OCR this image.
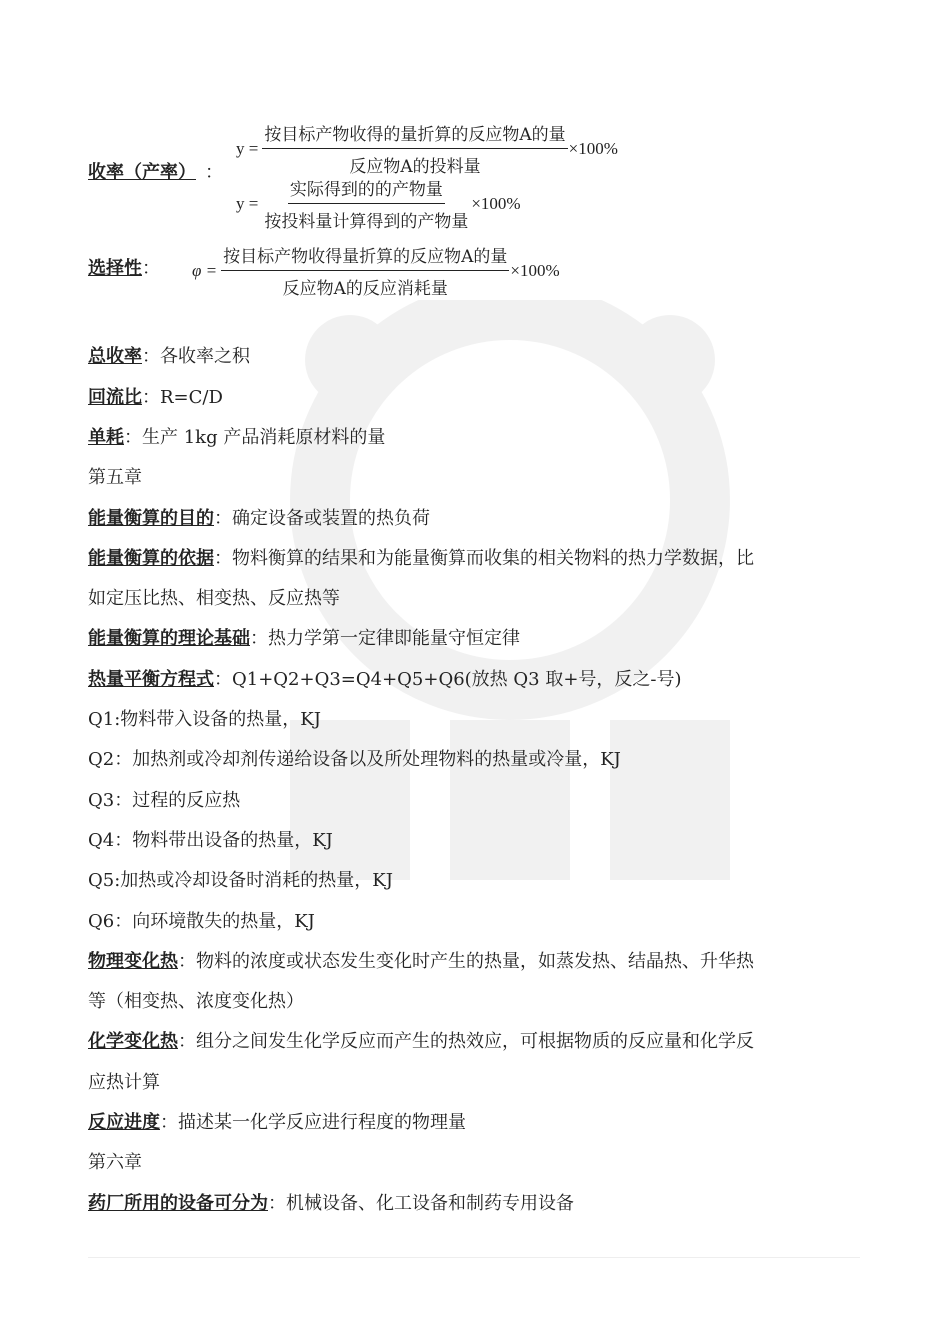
收率（产率） ：
$y = \frac{\text{按目标产物收得的量折算的反应物A的量}}{\text{反应物A的投料量}} \times 100\%$
$y = \frac{\text{实际得到的的产物量}}{\text{按投料量计算得到的产物量}} \times 100\%$
选择性 ： $\varphi = \frac{\text{按目标产物收得量折算的反应物A的量}}{\text{反应物A的反应消耗量}} \times 100\%$
总收率：各收率之积
回流比：R=C/D
单耗：生产 1kg 产品消耗原材料的量
第五章
能量衡算的目的：确定设备或装置的热负荷
能量衡算的依据：物料衡算的结果和为能量衡算而收集的相关物料的热力学数据，比
如定压比热、相变热、反应热等
能量衡算的理论基础：热力学第一定律即能量守恒定律
热量平衡方程式：Q1+Q2+Q3=Q4+Q5+Q6(放热 Q3 取+号，反之-号)
Q1:物料带入设备的热量，KJ
Q2：加热剂或冷却剂传递给设备以及所处理物料的热量或冷量，KJ
Q3：过程的反应热
Q4：物料带出设备的热量，KJ
Q5:加热或冷却设备时消耗的热量，KJ
Q6：向环境散失的热量，KJ
物理变化热：物料的浓度或状态发生变化时产生的热量，如蒸发热、结晶热、升华热
等（相变热、浓度变化热）
化学变化热：组分之间发生化学反应而产生的热效应，可根据物质的反应量和化学反
应热计算
反应进度：描述某一化学反应进行程度的物理量
第六章
药厂所用的设备可分为：机械设备、化工设备和制药专用设备
